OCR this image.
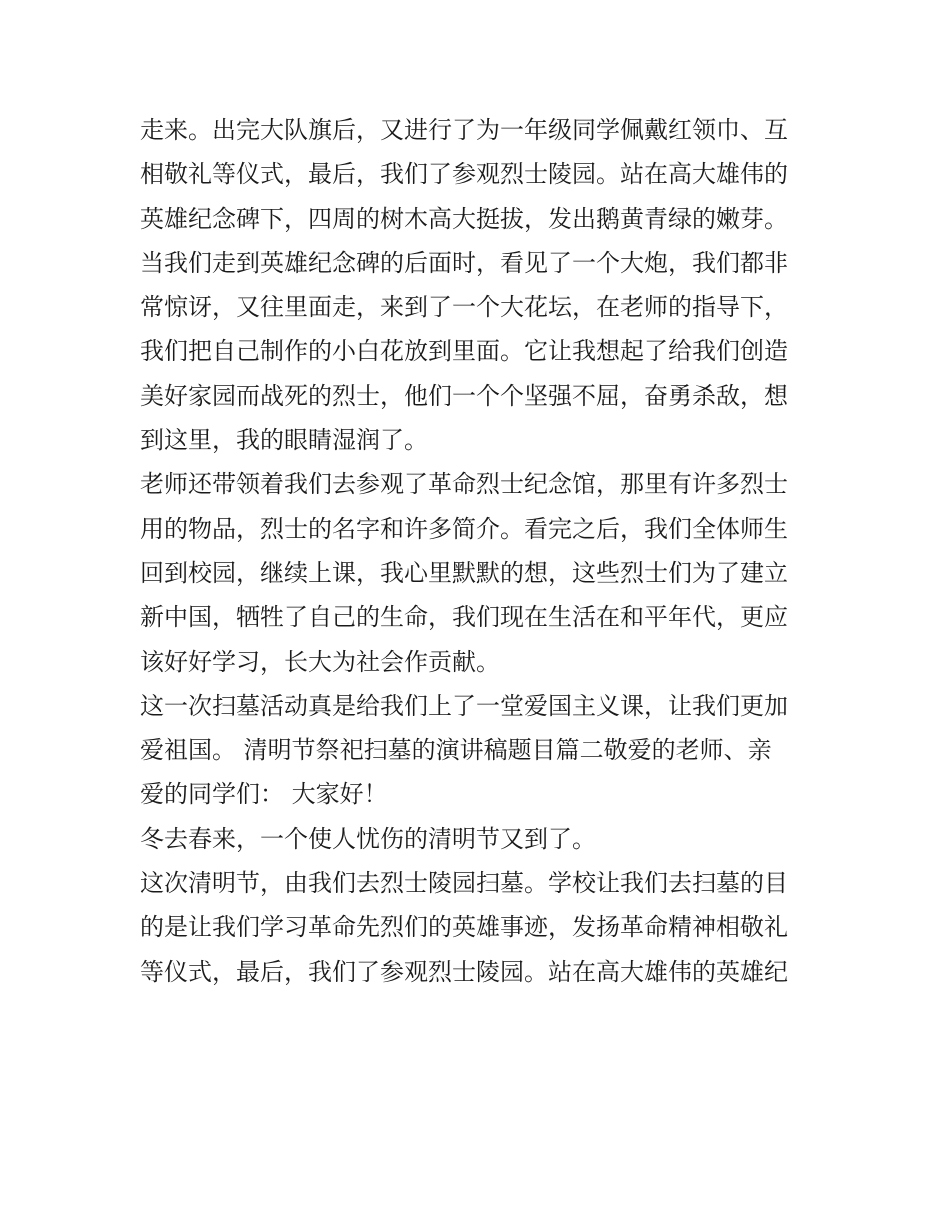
走来。出完大队旗后，又进行了为一年级同学佩戴红领巾、互
相敬礼等仪式，最后，我们了参观烈士陵园。站在高大雄伟的
英雄纪念碑下，四周的树木高大挺拔，发出鹅黄青绿的嫩芽。
当我们走到英雄纪念碑的后面时，看见了一个大炮，我们都非
常惊讶，又往里面走，来到了一个大花坛，在老师的指导下，
我们把自己制作的小白花放到里面。它让我想起了给我们创造
美好家园而战死的烈士，他们一个个坚强不屈，奋勇杀敌，想
到这里，我的眼睛湿润了。
老师还带领着我们去参观了革命烈士纪念馆，那里有许多烈士
用的物品，烈士的名字和许多简介。看完之后，我们全体师生
回到校园，继续上课，我心里默默的想，这些烈士们为了建立
新中国，牺牲了自己的生命，我们现在生活在和平年代，更应
该好好学习，长大为社会作贡献。
这一次扫墓活动真是给我们上了一堂爱国主义课，让我们更加
爱祖国。 清明节祭祀扫墓的演讲稿题目篇二敬爱的老师、亲
爱的同学们： 大家好！
冬去春来，一个使人忧伤的清明节又到了。
这次清明节，由我们去烈士陵园扫墓。学校让我们去扫墓的目
的是让我们学习革命先烈们的英雄事迹，发扬革命精神相敬礼
等仪式，最后，我们了参观烈士陵园。站在高大雄伟的英雄纪
